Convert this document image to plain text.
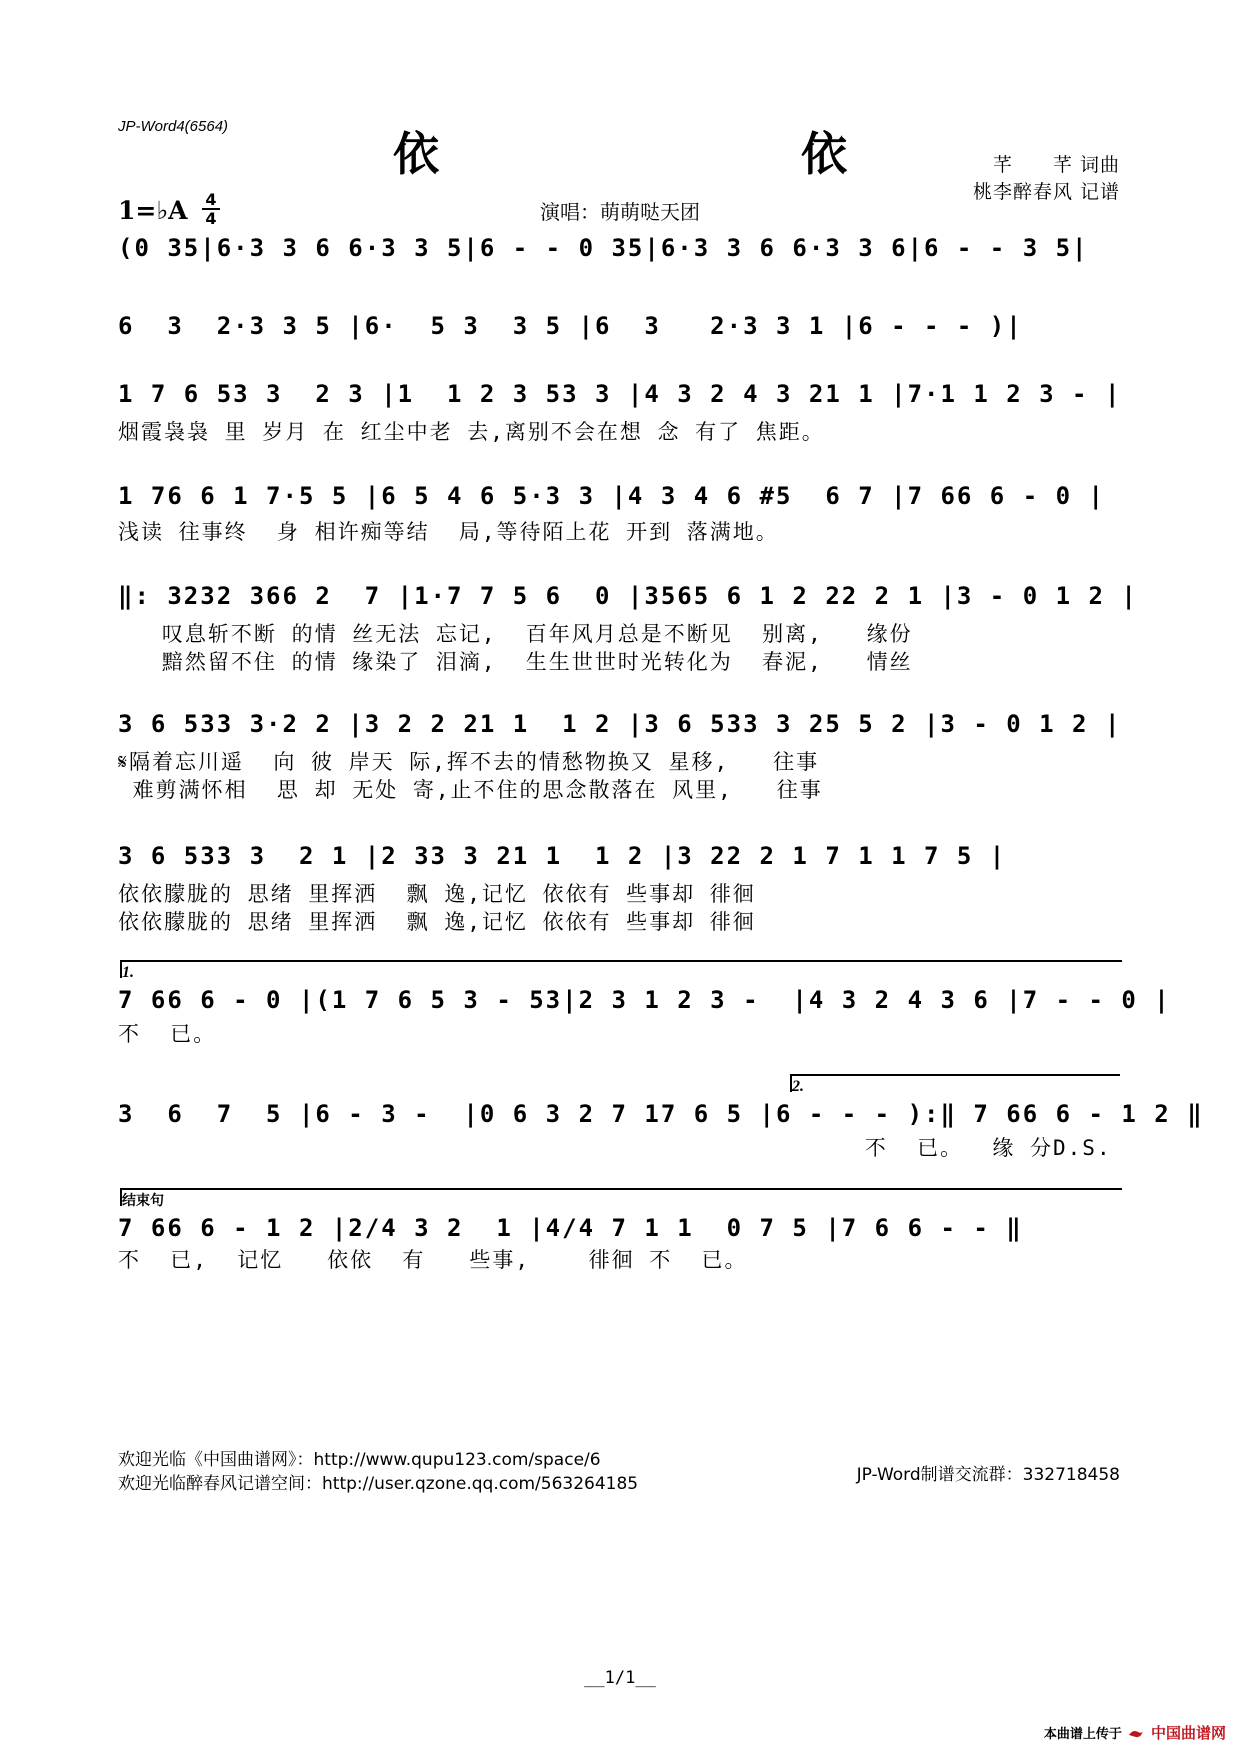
JP-Word4(6564)
依　　依	芊　　芊 词曲
桃李醉春风 记谱
1=♭A 4
4	演唱：萌萌哒天团
(0 35|6·3 3 6 6·3 3 5|6 - - 0 35|6·3 3 6 6·3 3 6|6 - - 3 5|
6  3  2·3 3 5 |6·  5 3  3 5 |6  3   2·3 3 1 |6 - - - )|
1 7 6 53 3  2 3 |1  1 2 3 53 3 |4 3 2 4 3 21 1 |7·1 1 2 3 - |
烟霞袅袅 里 岁月 在 红尘中老 去,离别不会在想 念 有了 焦距。
1 76 6 1 7·5 5 |6 5 4 6 5·3 3 |4 3 4 6 #5  6 7 |7 66 6 - 0 |
浅读 往事终  身 相许痴等结  局,等待陌上花 开到 落满地。
‖: 3232 366 2  7 |1·7 7 5 6  0 |3565 6 1 2 22 2 1 |3 - 0 1 2 |
叹息斩不断 的情 丝无法 忘记,  百年风月总是不断见  别离,   缘份
黯然留不住 的情 缘染了 泪滴,  生生世世时光转化为  春泥,   情丝
3 6 533 3·2 2 |3 2 2 21 1  1 2 |3 6 533 3 25 5 2 |3 - 0 1 2 |
𝄋隔着忘川遥  向 彼 岸天 际,挥不去的情愁物换又 星移,   往事
难剪满怀相  思 却 无处 寄,止不住的思念散落在 风里,   往事
3 6 533 3  2 1 |2 33 3 21 1  1 2 |3 22 2 1 7 1 1 7 5 |
依依朦胧的 思绪 里挥洒  飘 逸,记忆 依依有 些事却 徘徊
依依朦胧的 思绪 里挥洒  飘 逸,记忆 依依有 些事却 徘徊
1.
7 66 6 - 0 |(1 7 6 5 3 - 53|2 3 1 2 3 -  |4 3 2 4 3 6 |7 - - 0 |
不  已。
2.
3  6  7  5 |6 - 3 -  |0 6 3 2 7 17 6 5 |6 - - - ):‖ 7 66 6 - 1 2 ‖
不  已。  缘 分D.S.
结束句
7 66 6 - 1 2 |2/4 3 2  1 |4/4 7 1 1  0 7 5 |7 6 6 - - ‖
不  已,  记忆   依依  有   些事,    徘徊 不  已。
欢迎光临《中国曲谱网》：http://www.qupu123.com/space/6
欢迎光临醉春风记谱空间：http://user.qzone.qq.com/563264185	JP-Word制谱交流群：332718458
__1/1__
本曲谱上传于 中国曲谱网
